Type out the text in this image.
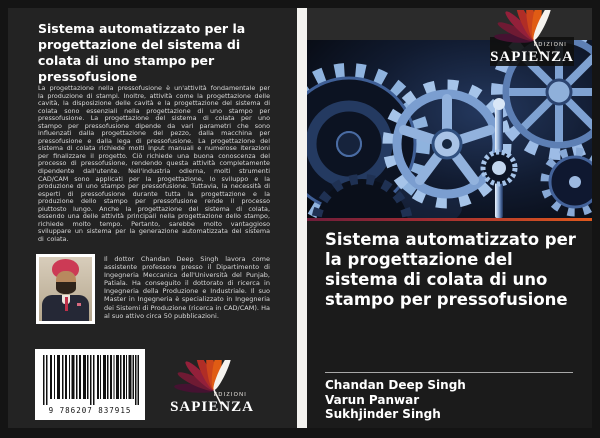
Sistema automatizzato per la progettazione del sistema di colata di uno stampo per pressofusione
La progettazione nella pressofusione è un'attività fondamentale per la produzione di stampi. Inoltre, attività come la progettazione delle cavità, la disposizione delle cavità e la progettazione del sistema di colata sono essenziali nella progettazione di uno stampo per pressofusione. La progettazione del sistema di colata per uno stampo per pressofusione dipende da vari parametri che sono influenzati dalla progettazione del pezzo, dalla macchina per pressofusione e dalla lega di pressofusione. La progettazione del sistema di colata richiede molti input manuali e numerose iterazioni per finalizzare il progetto. Ciò richiede una buona conoscenza del processo di pressofusione, rendendo questa attività completamente dipendente dall'utente. Nell'industria odierna, molti strumenti CAD/CAM sono applicati per la progettazione, lo sviluppo e la produzione di uno stampo per pressofusione. Tuttavia, la necessità di esperti di pressofusione durante tutta la progettazione e la produzione dello stampo per pressofusione rende il processo piuttosto lungo. Anche la progettazione del sistema di colata, essendo una delle attività principali nella progettazione dello stampo, richiede molto tempo. Pertanto, sarebbe molto vantaggioso sviluppare un sistema per la generazione automatizzata del sistema di colata.
Il dottor Chandan Deep Singh lavora come assistente professore presso il Dipartimento di Ingegneria Meccanica dell'Università del Punjab, Patiala. Ha conseguito il dottorato di ricerca in Ingegneria della Produzione e Industriale. Il suo Master in Ingegneria è specializzato in Ingegneria dei Sistemi di Produzione (ricerca in CAD/CAM). Ha al suo attivo circa 50 pubblicazioni.
9 786207 837915
EDIZIONI
SAPIENZA
EDIZIONI
SAPIENZA
Sistema automatizzato per la progettazione del sistema di colata di uno stampo per pressofusione
Chandan Deep Singh
Varun Panwar
Sukhjinder Singh
